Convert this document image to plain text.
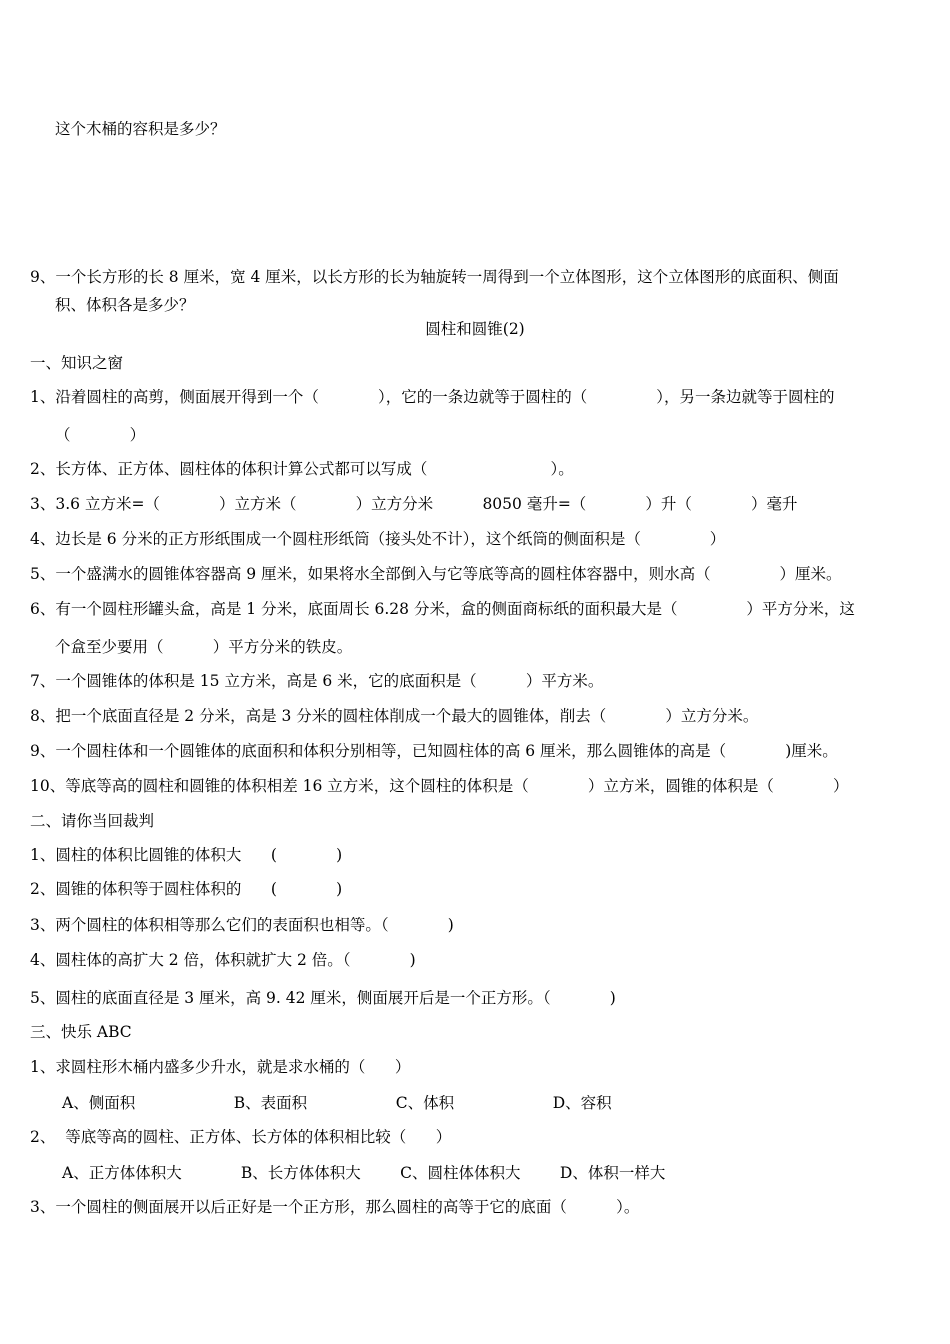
这个木桶的容积是多少？
9、一个长方形的长 8 厘米，宽 4 厘米，以长方形的长为轴旋转一周得到一个立体图形，这个立体图形的底面积、侧面
积、体积各是多少？
圆柱和圆锥(2)
一、知识之窗
1、沿着圆柱的高剪，侧面展开得到一个（            ），它的一条边就等于圆柱的（              ），另一条边就等于圆柱的
（            ）
2、长方体、正方体、圆柱体的体积计算公式都可以写成（                         ）。
3、3.6 立方米=（            ）立方米（            ）立方分米          8050 毫升=（            ）升（            ）毫升
4、边长是 6 分米的正方形纸围成一个圆柱形纸筒（接头处不计），这个纸筒的侧面积是（              ）
5、一个盛满水的圆锥体容器高 9 厘米，如果将水全部倒入与它等底等高的圆柱体容器中，则水高（              ）厘米。
6、有一个圆柱形罐头盒，高是 1 分米，底面周长 6.28 分米，盒的侧面商标纸的面积最大是（              ）平方分米，这
个盒至少要用（          ）平方分米的铁皮。
7、一个圆锥体的体积是 15 立方米，高是 6 米，它的底面积是（          ）平方米。
8、把一个底面直径是 2 分米，高是 3 分米的圆柱体削成一个最大的圆锥体，削去（            ）立方分米。
9、一个圆柱体和一个圆锥体的底面积和体积分别相等，已知圆柱体的高 6 厘米，那么圆锥体的高是（            )厘米。
10、等底等高的圆柱和圆锥的体积相差 16 立方米，这个圆柱的体积是（            ）立方米，圆锥的体积是（            ）
二、请你当回裁判
1、圆柱的体积比圆锥的体积大      (            )
2、圆锥的体积等于圆柱体积的      (            )
3、两个圆柱的体积相等那么它们的表面积也相等。（            )
4、圆柱体的高扩大 2 倍，体积就扩大 2 倍。（            )
5、圆柱的底面直径是 3 厘米，高 9. 42 厘米，侧面展开后是一个正方形。（            )
三、快乐 ABC
1、求圆柱形木桶内盛多少升水，就是求水桶的（      ）
A、侧面积                    B、表面积                  C、体积                    D、容积
2、  等底等高的圆柱、正方体、长方体的体积相比较（      ）
A、正方体体积大            B、长方体体积大        C、圆柱体体积大        D、体积一样大
3、一个圆柱的侧面展开以后正好是一个正方形，那么圆柱的高等于它的底面（          ）。
